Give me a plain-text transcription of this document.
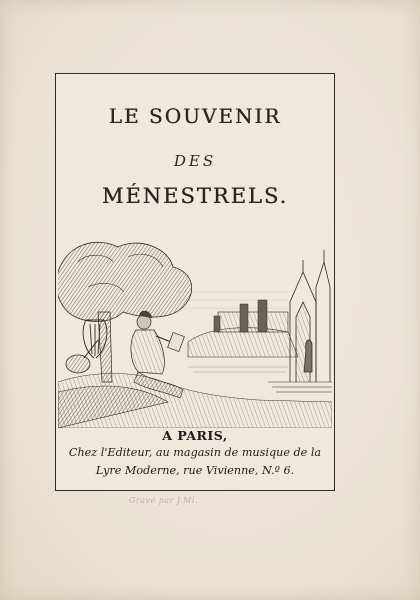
LE SOUVENIR
DES
MÉNESTRELS.
A PARIS,
Chez l'Editeur, au magasin de musique de la
Lyre Moderne, rue Vivienne, N.º 6.
Gravé par J.Ml.
